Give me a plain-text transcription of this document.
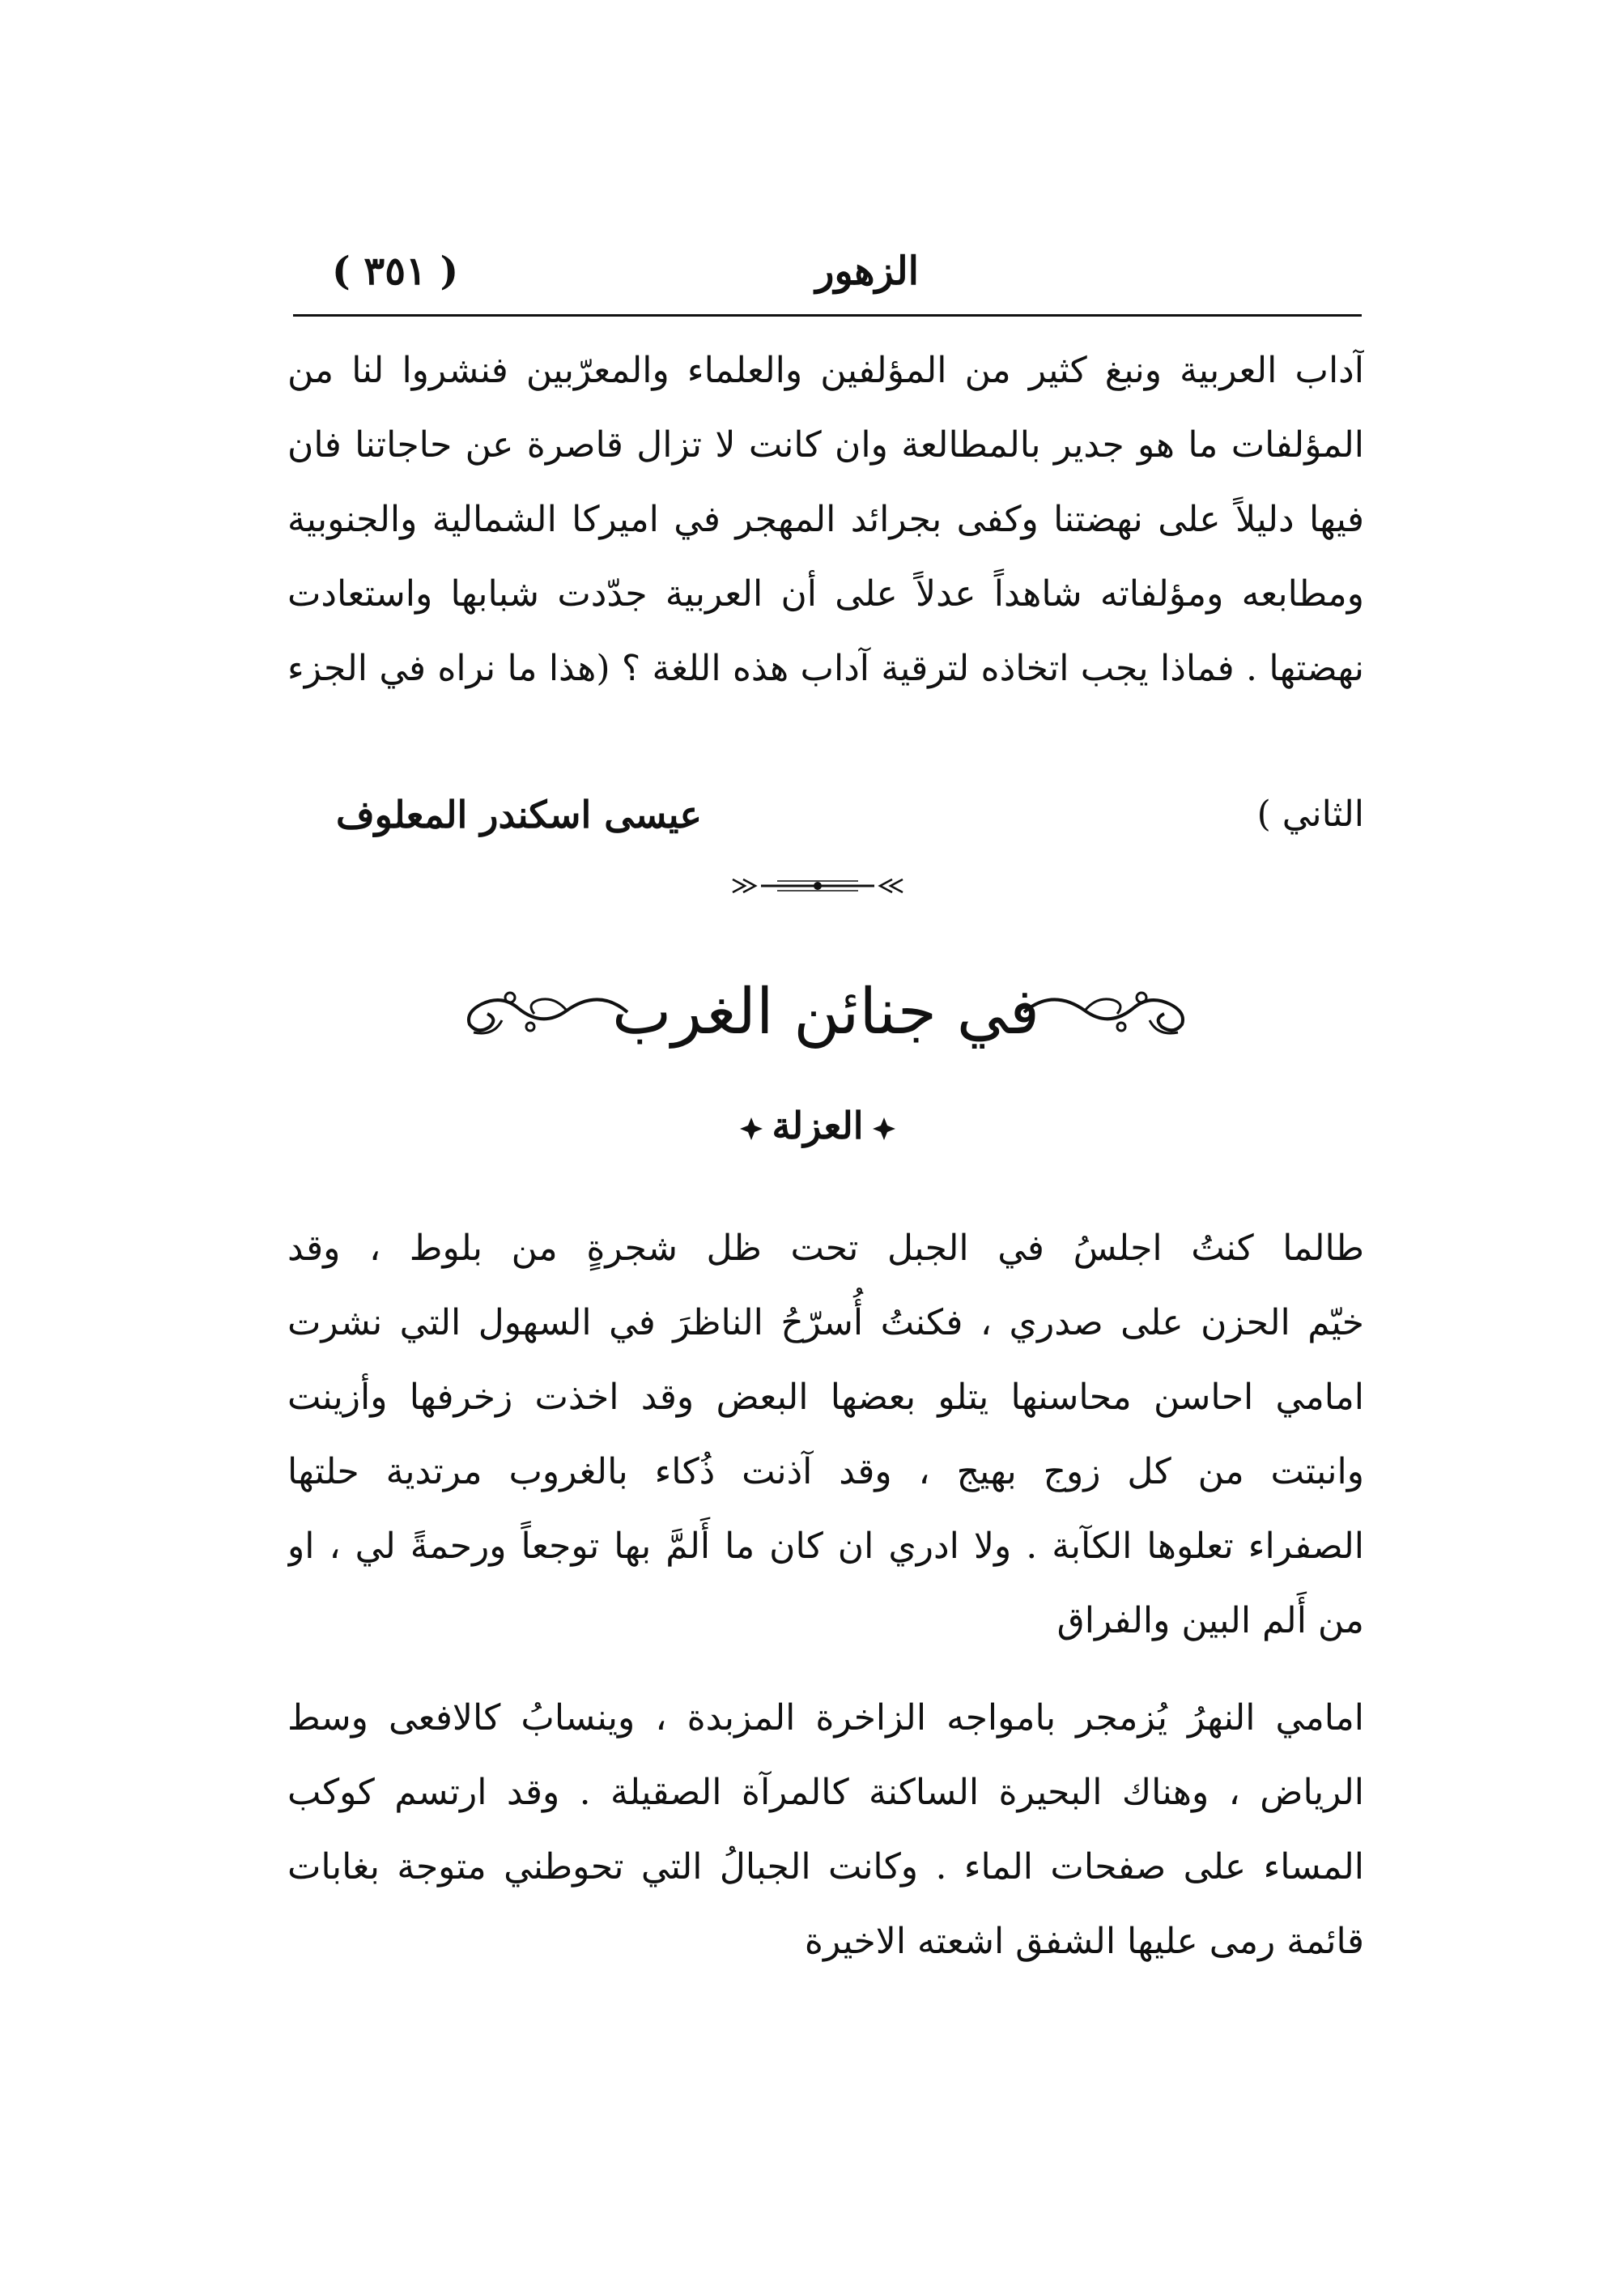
الزهور
( ٣٥١ )
آداب العربية ونبغ كثير من المؤلفين والعلماء والمعرّبين فنشروا لنا من
المؤلفات ما هو جدير بالمطالعة وان كانت لا تزال قاصرة عن حاجاتنا فان
فيها دليلاً على نهضتنا وكفى بجرائد المهجر في اميركا الشمالية والجنوبية
ومطابعه ومؤلفاته شاهداً عدلاً على أن العربية جدّدت شبابها واستعادت
نهضتها . فماذا يجب اتخاذه لترقية آداب هذه اللغة ؟ (هذا ما نراه في الجزء
الثاني )
عيسى اسكندر المعلوف
في جنائن الغرب
العزلة
طالما كنتُ اجلسُ في الجبل تحت ظل شجرةٍ من بلوط ، وقد
خيّم الحزن على صدري ، فكنتُ أُسرّحُ الناظرَ في السهول التي نشرت
امامي احاسن محاسنها يتلو بعضها البعض وقد اخذت زخرفها وأزينت
وانبتت من كل زوج بهيج ، وقد آذنت ذُكاء بالغروب مرتدية حلتها
الصفراء تعلوها الكآبة . ولا ادري ان كان ما أَلمَّ بها توجعاً ورحمةً لي ، او
من أَلم البين والفراق
امامي النهرُ يُزمجر بامواجه الزاخرة المزبدة ، وينسابُ كالافعى وسط
الرياض ، وهناك البحيرة الساكنة كالمرآة الصقيلة . وقد ارتسم كوكب
المساء على صفحات الماء . وكانت الجبالُ التي تحوطني متوجة بغابات
قائمة رمى عليها الشفق اشعته الاخيرة
